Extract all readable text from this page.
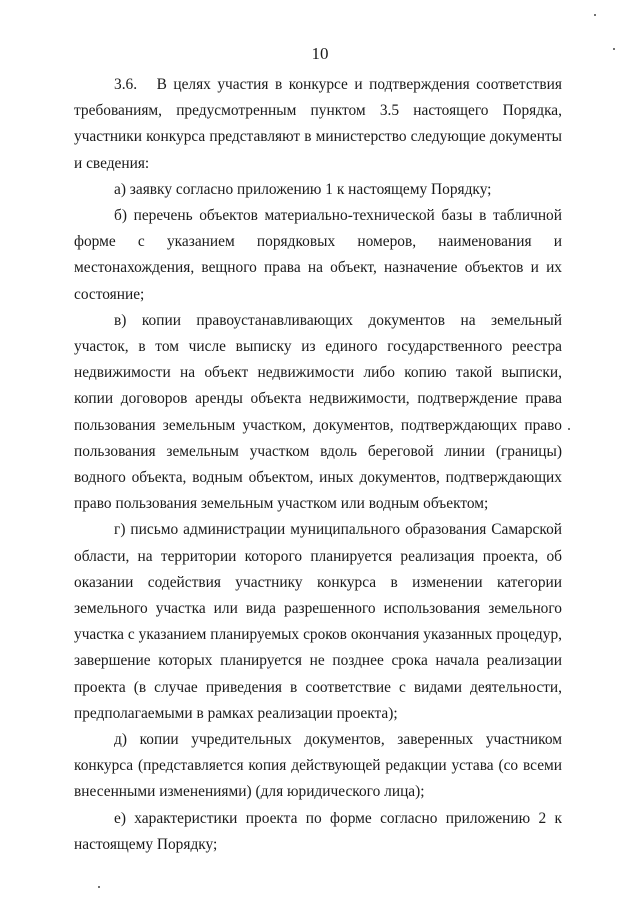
10

3.6.   В целях участия в конкурсе и подтверждения соответствия требованиям, предусмотренным пунктом 3.5 настоящего Порядка, участники конкурса представляют в министерство следующие документы и сведения:

а) заявку согласно приложению 1 к настоящему Порядку;

б) перечень объектов материально-технической базы в табличной форме с указанием порядковых номеров, наименования и местонахождения, вещного права на объект, назначение объектов и их состояние;

в) копии правоустанавливающих документов на земельный участок, в том числе выписку из единого государственного реестра недвижимости на объект недвижимости либо копию такой выписки, копии договоров аренды объекта недвижимости, подтверждение права пользования земельным участком, документов, подтверждающих право пользования земельным участком вдоль береговой линии (границы) водного объекта, водным объектом, иных документов, подтверждающих право пользования земельным участком или водным объектом;

г) письмо администрации муниципального образования Самарской области, на территории которого планируется реализация проекта, об оказании содействия участнику конкурса в изменении категории земельного участка или вида разрешенного использования земельного участка с указанием планируемых сроков окончания указанных процедур, завершение которых планируется не позднее срока начала реализации проекта (в случае приведения в соответствие с видами деятельности, предполагаемыми в рамках реализации проекта);

д) копии учредительных документов, заверенных участником конкурса (представляется копия действующей редакции устава (со всеми внесенными изменениями) (для юридического лица);

е) характеристики проекта по форме согласно приложению 2 к настоящему Порядку;
